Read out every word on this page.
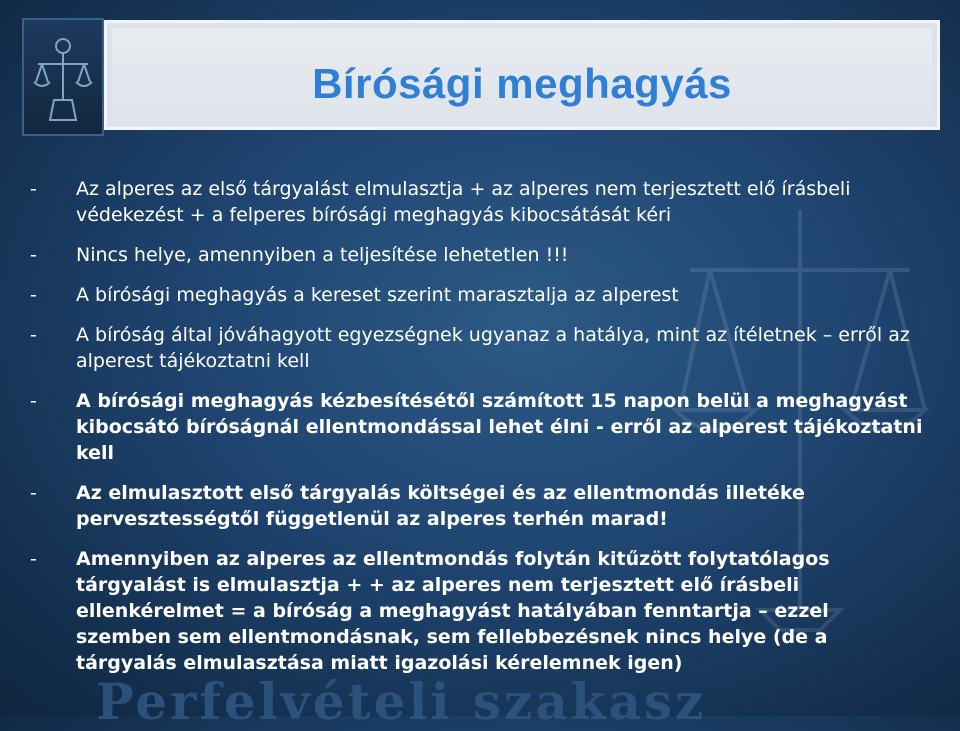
Bírósági meghagyás
-	Az alperes az első tárgyalást elmulasztja + az alperes nem terjesztett elő írásbeli védekezést + a felperes bírósági meghagyás kibocsátását kéri
-	Nincs helye, amennyiben a teljesítése lehetetlen !!!
-	A bírósági meghagyás a kereset szerint marasztalja az alperest
-	A bíróság által jóváhagyott egyezségnek ugyanaz a hatálya, mint az ítéletnek – erről az alperest tájékoztatni kell
-	A bírósági meghagyás kézbesítésétől számított 15 napon belül a meghagyást kibocsátó bíróságnál ellentmondással lehet élni - erről az alperest tájékoztatni kell
-	Az elmulasztott első tárgyalás költségei és az ellentmondás illetéke pervesztességtől függetlenül az alperes terhén marad!
-	Amennyiben az alperes az ellentmondás folytán kitűzött folytatólagos tárgyalást is elmulasztja + + az alperes nem terjesztett elő írásbeli ellenkérelmet = a bíróság a meghagyást hatályában fenntartja – ezzel szemben sem ellentmondásnak, sem fellebbezésnek nincs helye (de a tárgyalás elmulasztása miatt igazolási kérelemnek igen)
Perfelvételi szakasz
